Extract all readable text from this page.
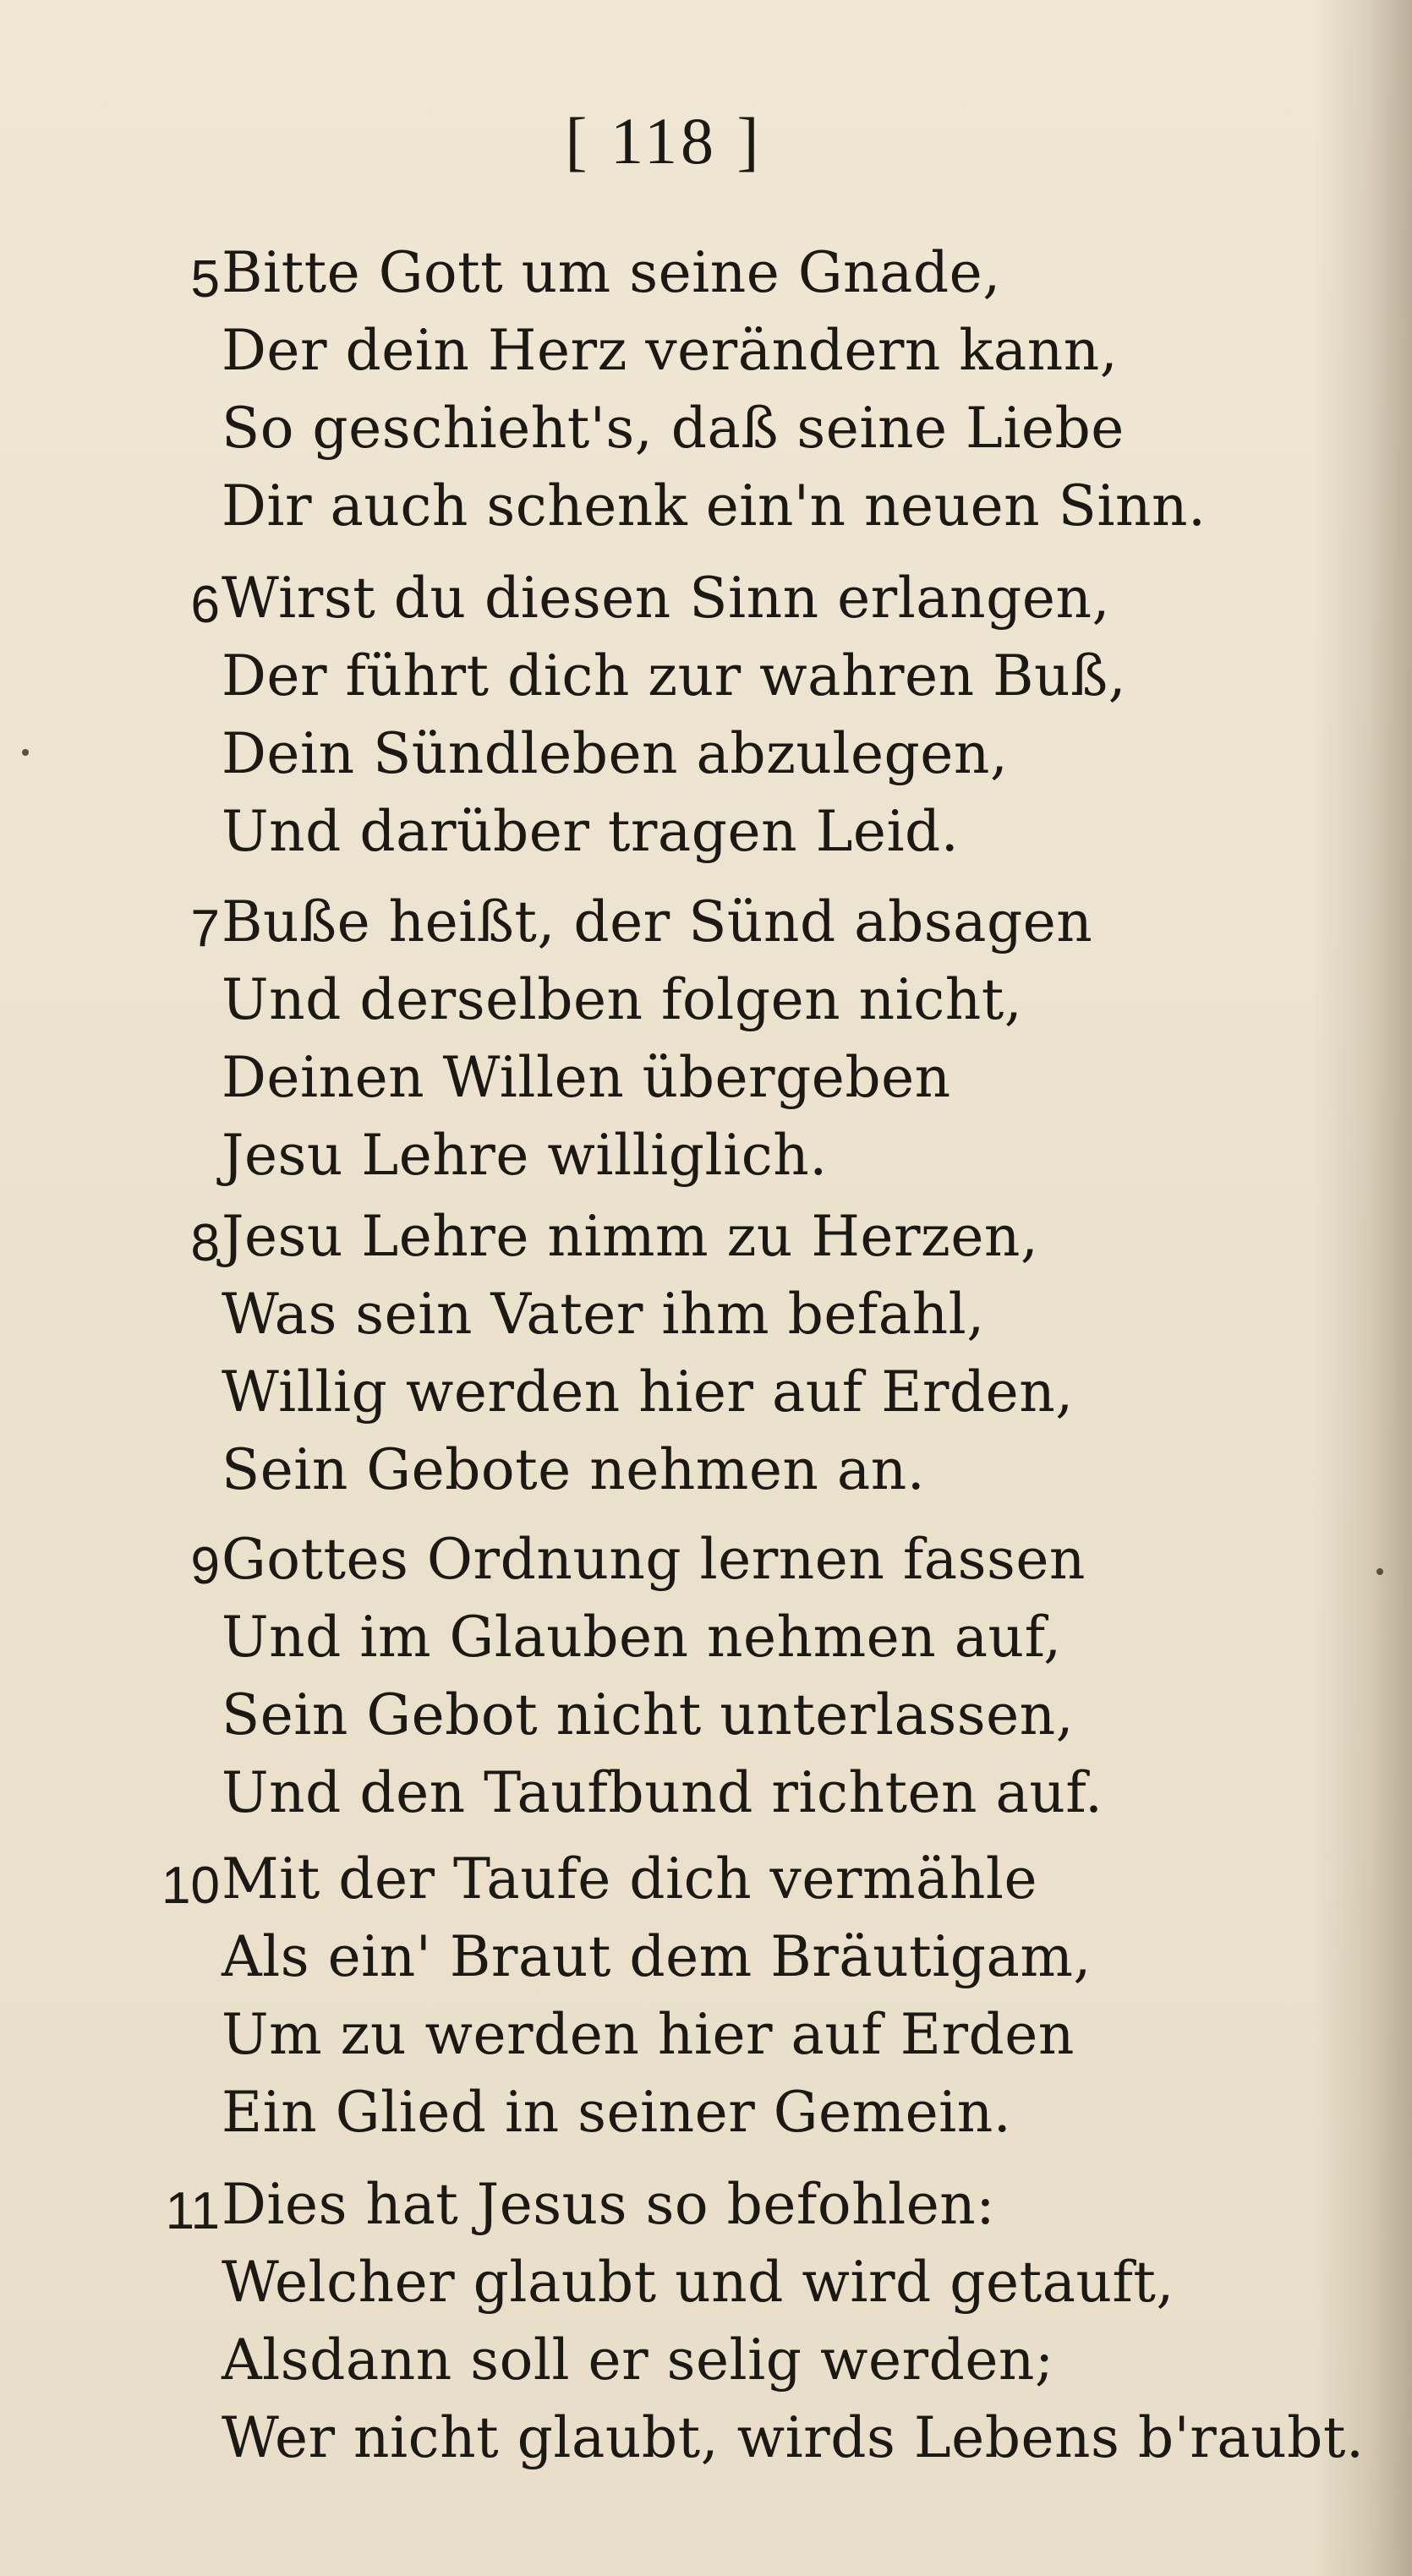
[ 118 ]
5 Bitte Gott um seine Gnade,
Der dein Herz verändern kann,
So geschieht's, daß seine Liebe
Dir auch schenk ein'n neuen Sinn.
6 Wirst du diesen Sinn erlangen,
Der führt dich zur wahren Buß,
Dein Sündleben abzulegen,
Und darüber tragen Leid.
7 Buße heißt, der Sünd absagen
Und derselben folgen nicht,
Deinen Willen übergeben
Jesu Lehre williglich.
8 Jesu Lehre nimm zu Herzen,
Was sein Vater ihm befahl,
Willig werden hier auf Erden,
Sein Gebote nehmen an.
9 Gottes Ordnung lernen fassen
Und im Glauben nehmen auf,
Sein Gebot nicht unterlassen,
Und den Taufbund richten auf.
10 Mit der Taufe dich vermähle
Als ein' Braut dem Bräutigam,
Um zu werden hier auf Erden
Ein Glied in seiner Gemein.
11 Dies hat Jesus so befohlen:
Welcher glaubt und wird getauft,
Alsdann soll er selig werden;
Wer nicht glaubt, wirds Lebens b'raubt.
